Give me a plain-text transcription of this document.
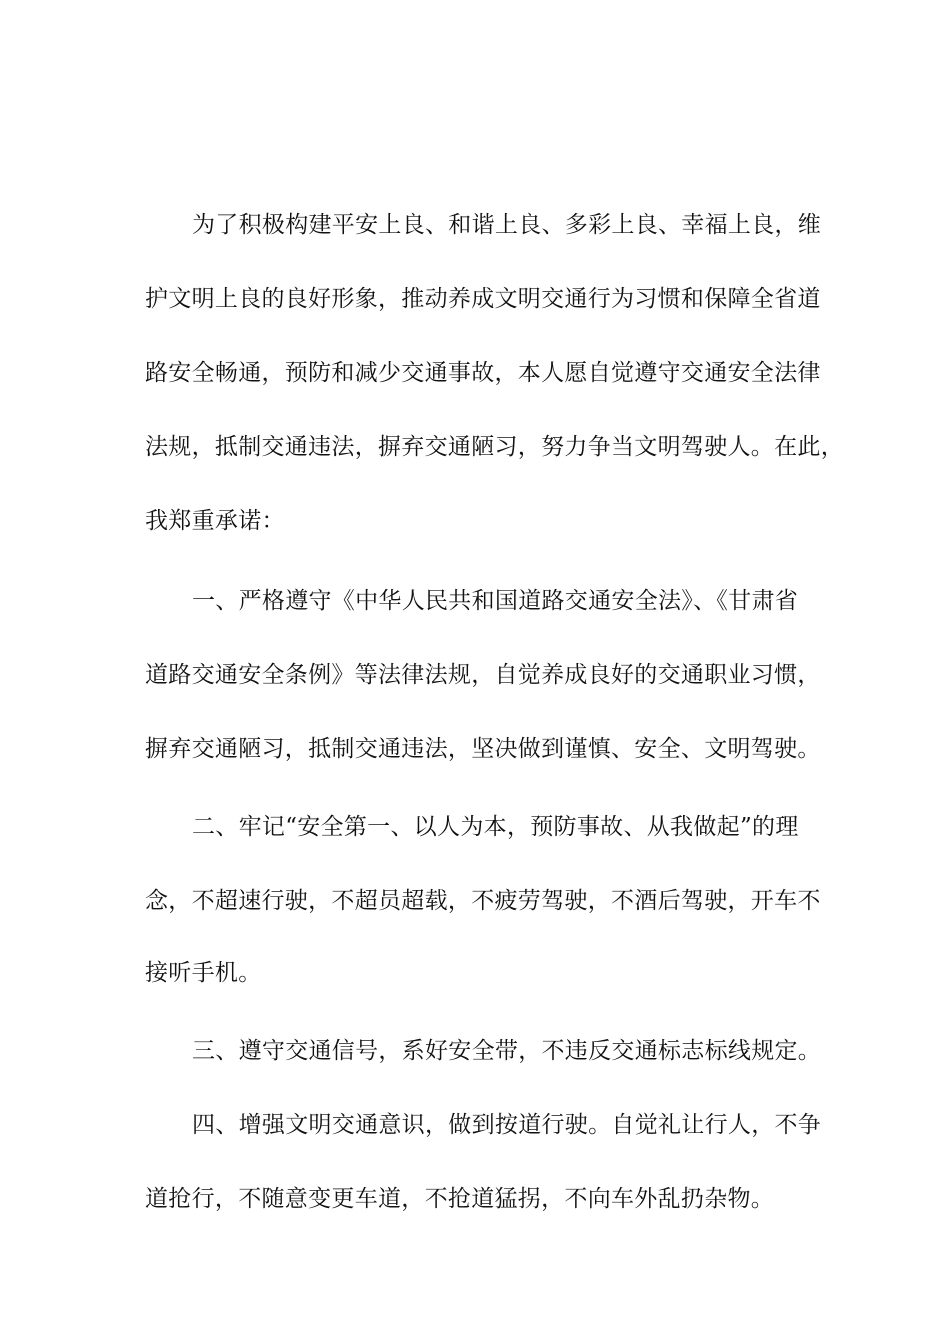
为了积极构建平安上良、和谐上良、多彩上良、幸福上良，维
护文明上良的良好形象，推动养成文明交通行为习惯和保障全省道
路安全畅通，预防和减少交通事故，本人愿自觉遵守交通安全法律
法规，抵制交通违法，摒弃交通陋习，努力争当文明驾驶人。在此，
我郑重承诺：
一、严格遵守《中华人民共和国道路交通安全法》、《甘肃省
道路交通安全条例》等法律法规，自觉养成良好的交通职业习惯，
摒弃交通陋习，抵制交通违法，坚决做到谨慎、安全、文明驾驶。
二、牢记“安全第一、以人为本，预防事故、从我做起”的理
念，不超速行驶，不超员超载，不疲劳驾驶，不酒后驾驶，开车不
接听手机。
三、遵守交通信号，系好安全带，不违反交通标志标线规定。
四、增强文明交通意识，做到按道行驶。自觉礼让行人，不争
道抢行，不随意变更车道，不抢道猛拐，不向车外乱扔杂物。
